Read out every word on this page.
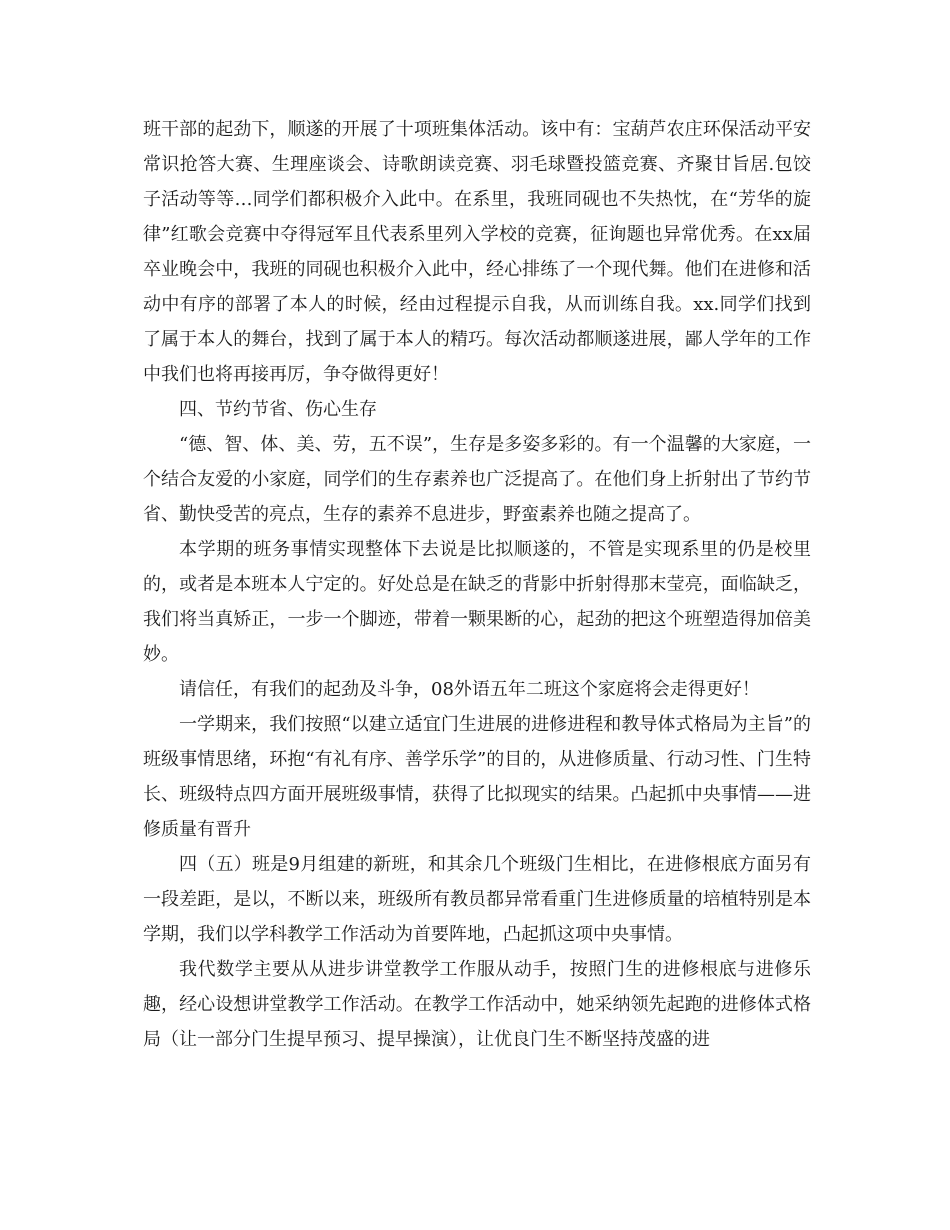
班干部的起劲下，顺遂的开展了十项班集体活动。该中有：宝葫芦农庄环保活动平安常识抢答大赛、生理座谈会、诗歌朗读竞赛、羽毛球暨投篮竞赛、齐聚甘旨居.包饺子活动等等…同学们都积极介入此中。在系里，我班同砚也不失热忱，在“芳华的旋律”红歌会竞赛中夺得冠军且代表系里列入学校的竞赛，征询题也异常优秀。在xx届卒业晚会中，我班的同砚也积极介入此中，经心排练了一个现代舞。他们在进修和活动中有序的部署了本人的时候，经由过程提示自我，从而训练自我。xx.同学们找到了属于本人的舞台，找到了属于本人的精巧。每次活动都顺遂进展，鄙人学年的工作中我们也将再接再厉，争夺做得更好！

四、节约节省、伤心生存

“德、智、体、美、劳，五不误”，生存是多姿多彩的。有一个温馨的大家庭，一个结合友爱的小家庭，同学们的生存素养也广泛提高了。在他们身上折射出了节约节省、勤快受苦的亮点，生存的素养不息进步，野蛮素养也随之提高了。

本学期的班务事情实现整体下去说是比拟顺遂的，不管是实现系里的仍是校里的，或者是本班本人宁定的。好处总是在缺乏的背影中折射得那末莹亮，面临缺乏，我们将当真矫正，一步一个脚迹，带着一颗果断的心，起劲的把这个班塑造得加倍美妙。

请信任，有我们的起劲及斗争，08外语五年二班这个家庭将会走得更好！

一学期来，我们按照“以建立适宜门生进展的进修进程和教导体式格局为主旨”的班级事情思绪，环抱“有礼有序、善学乐学”的目的，从进修质量、行动习性、门生特长、班级特点四方面开展班级事情，获得了比拟现实的结果。凸起抓中央事情——进修质量有晋升

四（五）班是9月组建的新班，和其余几个班级门生相比，在进修根底方面另有一段差距，是以，不断以来，班级所有教员都异常看重门生进修质量的培植特别是本学期，我们以学科教学工作活动为首要阵地，凸起抓这项中央事情。

我代数学主要从从进步讲堂教学工作服从动手，按照门生的进修根底与进修乐趣，经心设想讲堂教学工作活动。在教学工作活动中，她采纳领先起跑的进修体式格局（让一部分门生提早预习、提早操演），让优良门生不断坚持茂盛的进
